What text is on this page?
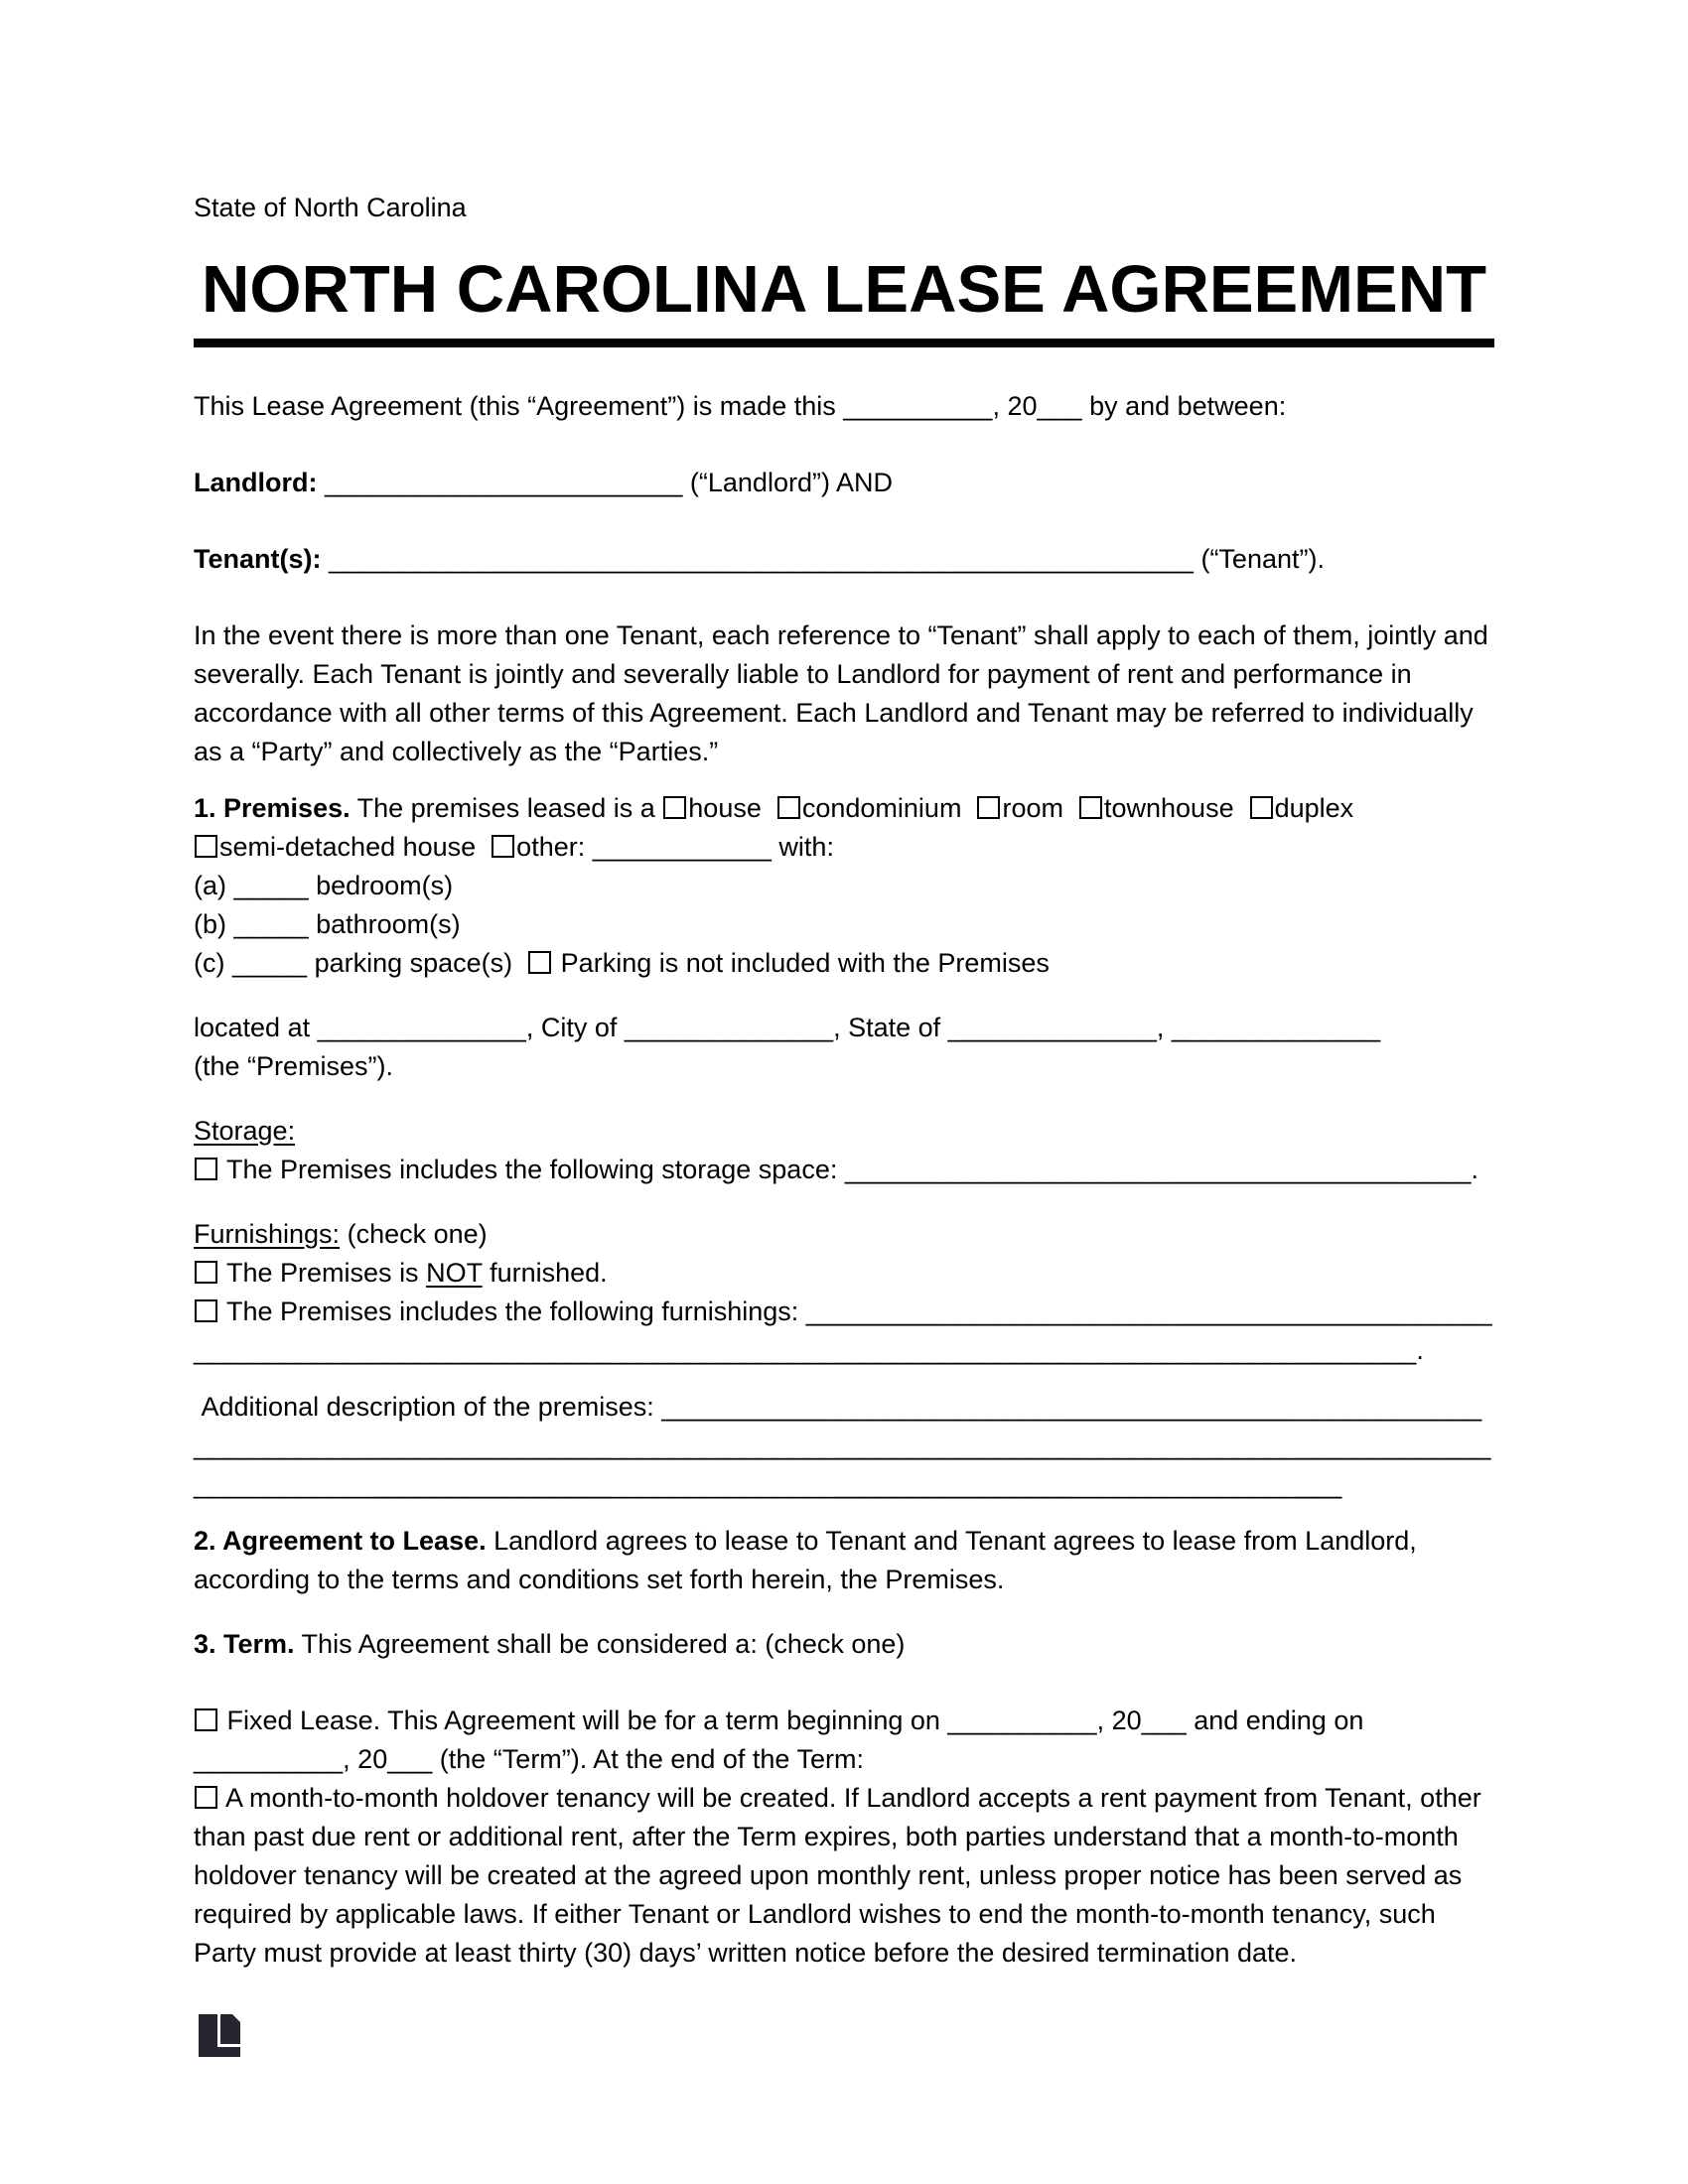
State of North Carolina

NORTH CAROLINA LEASE AGREEMENT

This Lease Agreement (this “Agreement”) is made this __________, 20___ by and between:

Landlord: ________________________ (“Landlord”) AND

Tenant(s): __________________________________________________________ (“Tenant”).

In the event there is more than one Tenant, each reference to “Tenant” shall apply to each of them, jointly and severally. Each Tenant is jointly and severally liable to Landlord for payment of rent and performance in accordance with all other terms of this Agreement. Each Landlord and Tenant may be referred to individually as a “Party” and collectively as the “Parties.”

1. Premises. The premises leased is a house  condominium  room  townhouse  duplex
semi-detached house  other: ____________ with:

(a) _____ bedroom(s)

(b) _____ bathroom(s)

(c) _____ parking space(s)   Parking is not included with the Premises

located at ______________, City of ______________, State of ______________, ______________
(the “Premises”).

Storage:

The Premises includes the following storage space: __________________________________________.

Furnishings: (check one)

The Premises is NOT furnished.

The Premises includes the following furnishings: ________________________________________________________________________________________________________________________________.

Additional description of the premises: ___________________________________________________________________________________________________________________________________________________________________________________________________________________________

2. Agreement to Lease. Landlord agrees to lease to Tenant and Tenant agrees to lease from Landlord, according to the terms and conditions set forth herein, the Premises.

3. Term. This Agreement shall be considered a: (check one)

Fixed Lease. This Agreement will be for a term beginning on __________, 20___ and ending on
__________, 20___ (the “Term”). At the end of the Term:

A month-to-month holdover tenancy will be created. If Landlord accepts a rent payment from Tenant, other than past due rent or additional rent, after the Term expires, both parties understand that a month-to-month holdover tenancy will be created at the agreed upon monthly rent, unless proper notice has been served as required by applicable laws. If either Tenant or Landlord wishes to end the month-to-month tenancy, such Party must provide at least thirty (30) days’ written notice before the desired termination date.
